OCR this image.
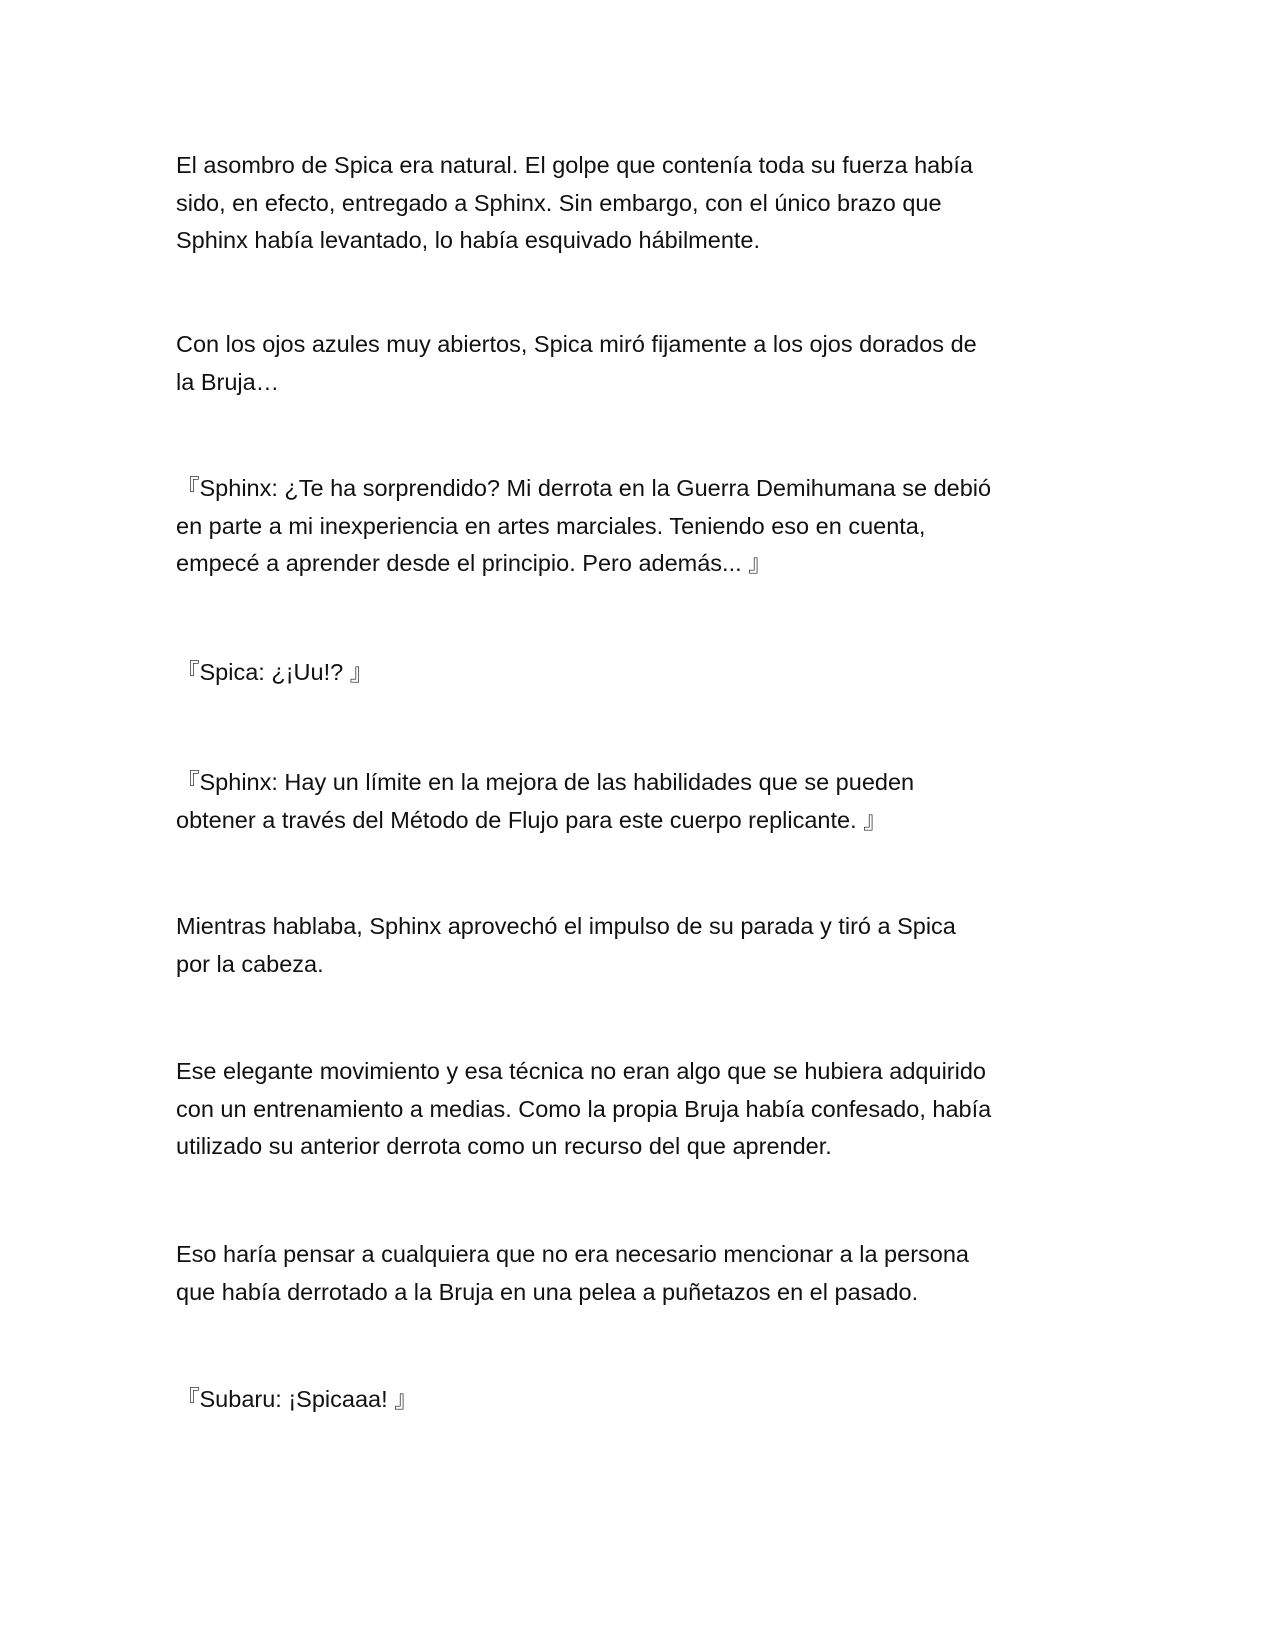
El asombro de Spica era natural. El golpe que contenía toda su fuerza había
sido, en efecto, entregado a Sphinx. Sin embargo, con el único brazo que
Sphinx había levantado, lo había esquivado hábilmente.

Con los ojos azules muy abiertos, Spica miró fijamente a los ojos dorados de
la Bruja…

『Sphinx: ¿Te ha sorprendido? Mi derrota en la Guerra Demihumana se debió
en parte a mi inexperiencia en artes marciales. Teniendo eso en cuenta,
empecé a aprender desde el principio. Pero además... 』

『Spica: ¿¡Uu!? 』

『Sphinx: Hay un límite en la mejora de las habilidades que se pueden
obtener a través del Método de Flujo para este cuerpo replicante. 』

Mientras hablaba, Sphinx aprovechó el impulso de su parada y tiró a Spica
por la cabeza.

Ese elegante movimiento y esa técnica no eran algo que se hubiera adquirido
con un entrenamiento a medias. Como la propia Bruja había confesado, había
utilizado su anterior derrota como un recurso del que aprender.

Eso haría pensar a cualquiera que no era necesario mencionar a la persona
que había derrotado a la Bruja en una pelea a puñetazos en el pasado.

『Subaru: ¡Spicaaa! 』
